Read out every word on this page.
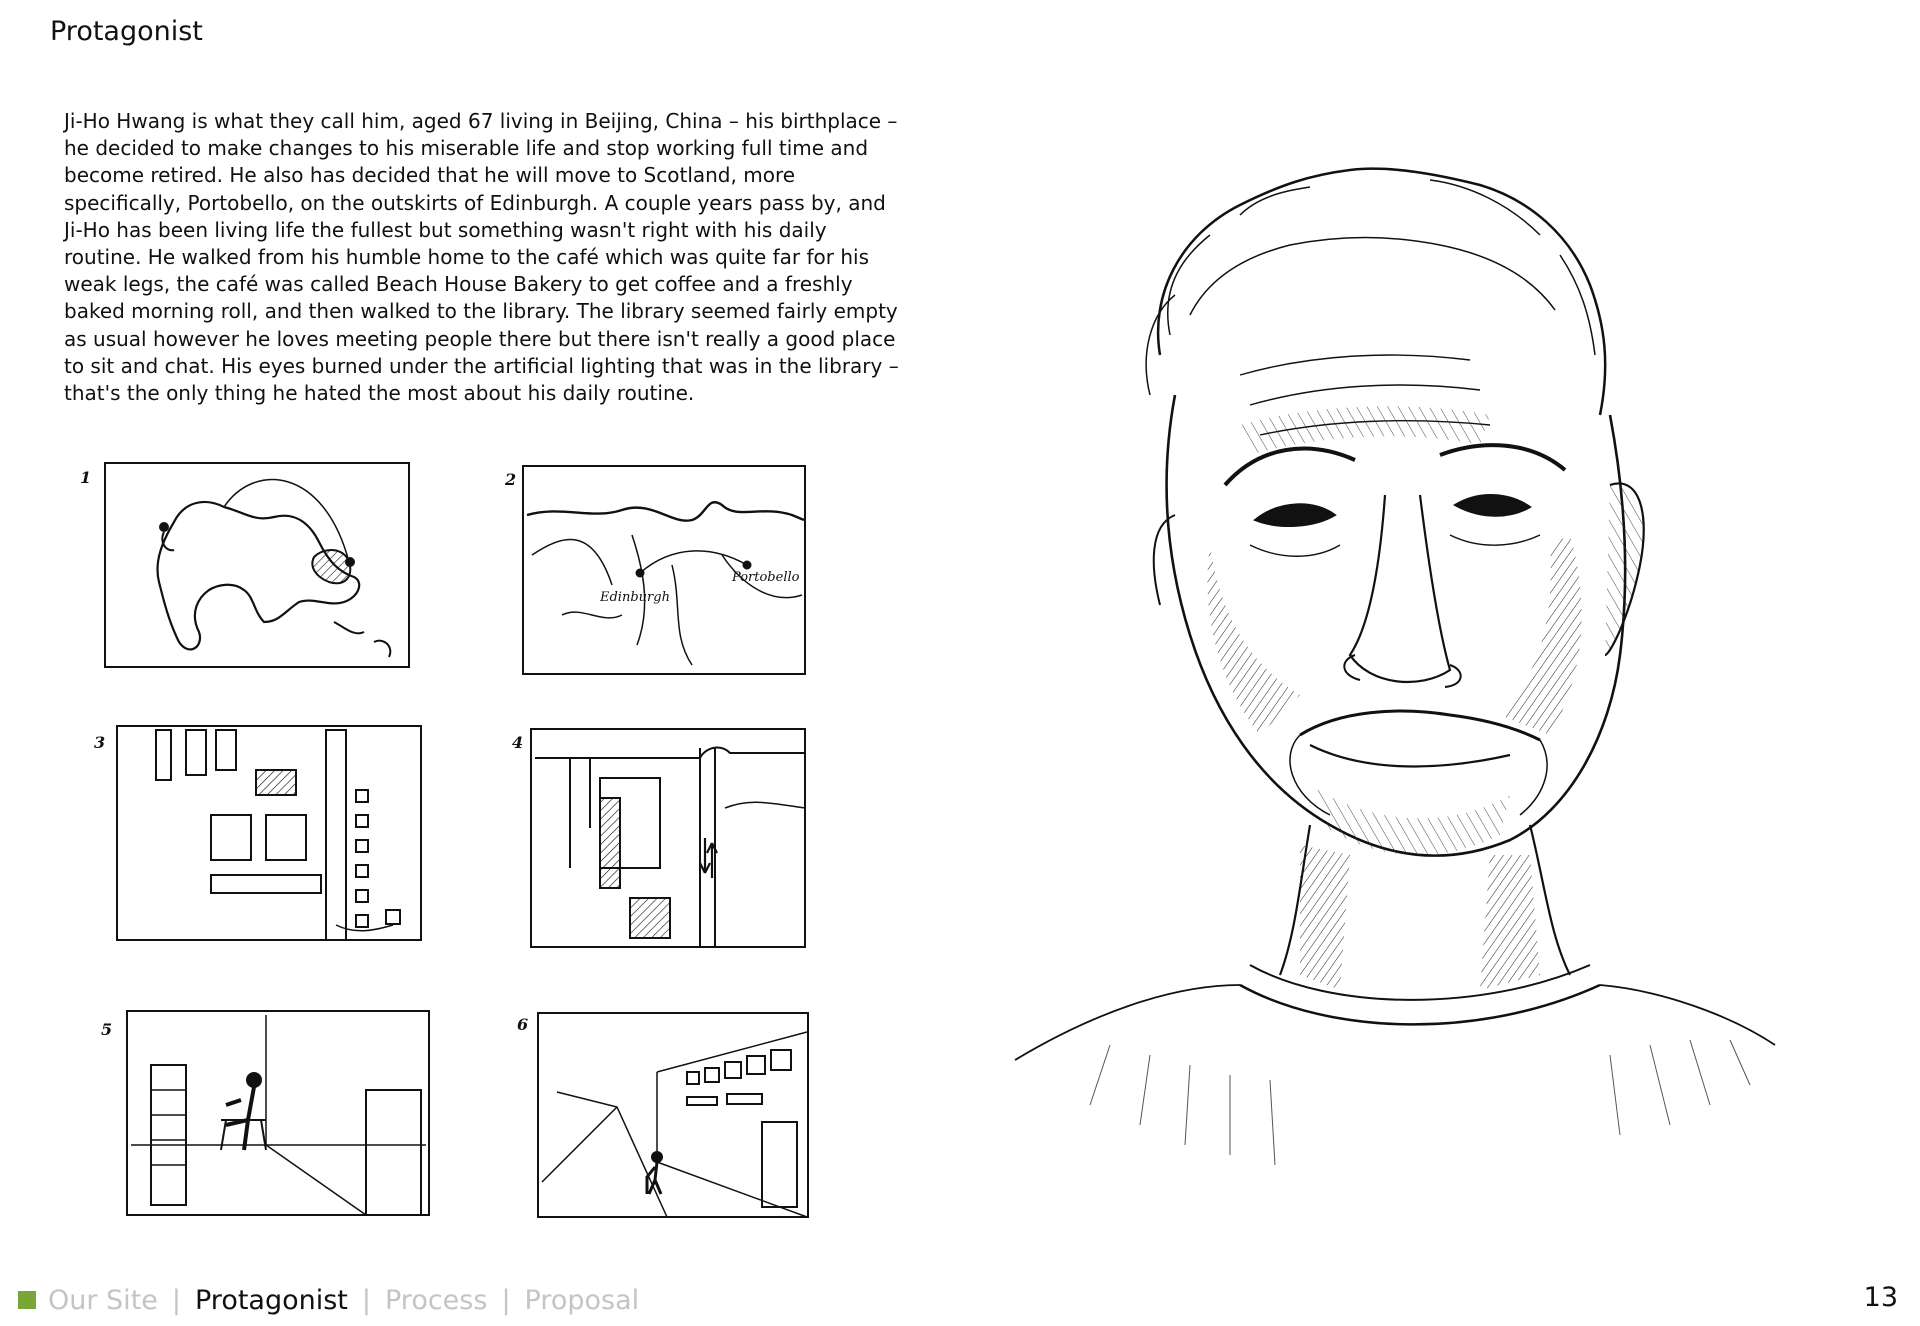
Protagonist

Ji-Ho Hwang is what they call him, aged 67 living in Beijing, China – his birthplace – he decided to make changes to his miserable life and stop working full time and become retired. He also has decided that he will move to Scotland, more specifically, Portobello, on the outskirts of Edinburgh. A couple years pass by, and Ji-Ho has been living life the fullest but something wasn't right with his daily routine. He walked from his humble home to the café which was quite far for his weak legs, the café was called Beach House Bakery to get coffee and a freshly baked morning roll, and then walked to the library. The library seemed fairly empty as usual however he loves meeting people there but there isn't really a good place to sit and chat. His eyes burned under the artificial lighting that was in the library – that's the only thing he hated the most about his daily routine.

1	2
Edinburgh
Portobello
3	4
5	6
Our Site | Protagonist | Process | Proposal	13
